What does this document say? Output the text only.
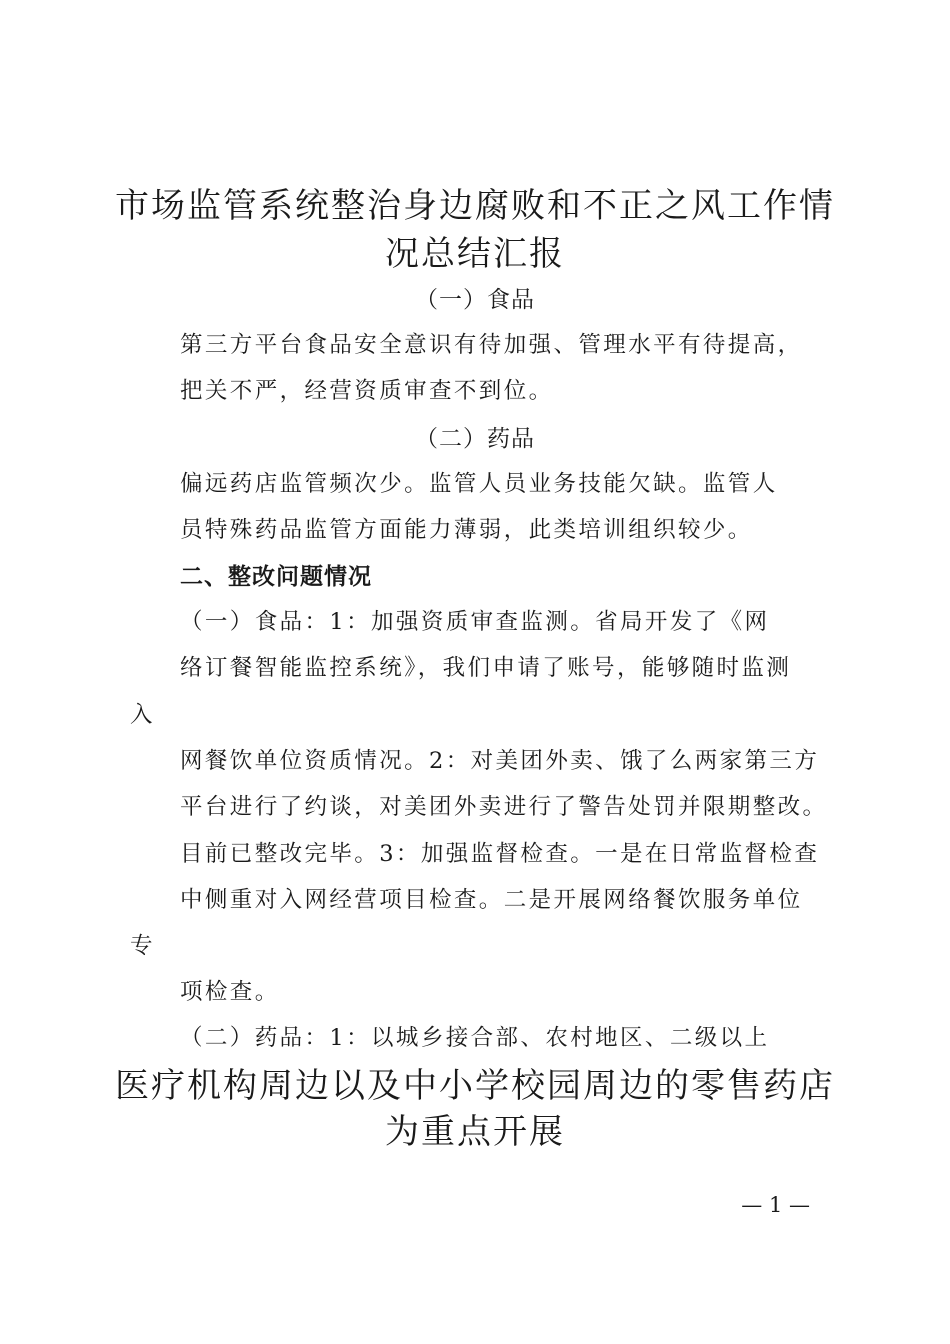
市场监管系统整治身边腐败和不正之风工作情
况总结汇报
（一）食品
第三方平台食品安全意识有待加强、管理水平有待提高，
把关不严，经营资质审查不到位。
（二）药品
偏远药店监管频次少。监管人员业务技能欠缺。监管人
员特殊药品监管方面能力薄弱，此类培训组织较少。
二、整改问题情况
（一）食品：1：加强资质审查监测。省局开发了《网
络订餐智能监控系统》，我们申请了账号，能够随时监测
入
网餐饮单位资质情况。2：对美团外卖、饿了么两家第三方
平台进行了约谈，对美团外卖进行了警告处罚并限期整改。
目前已整改完毕。3：加强监督检查。一是在日常监督检查
中侧重对入网经营项目检查。二是开展网络餐饮服务单位
专
项检查。
（二）药品：1：以城乡接合部、农村地区、二级以上
医疗机构周边以及中小学校园周边的零售药店
为重点开展
— 1 —
